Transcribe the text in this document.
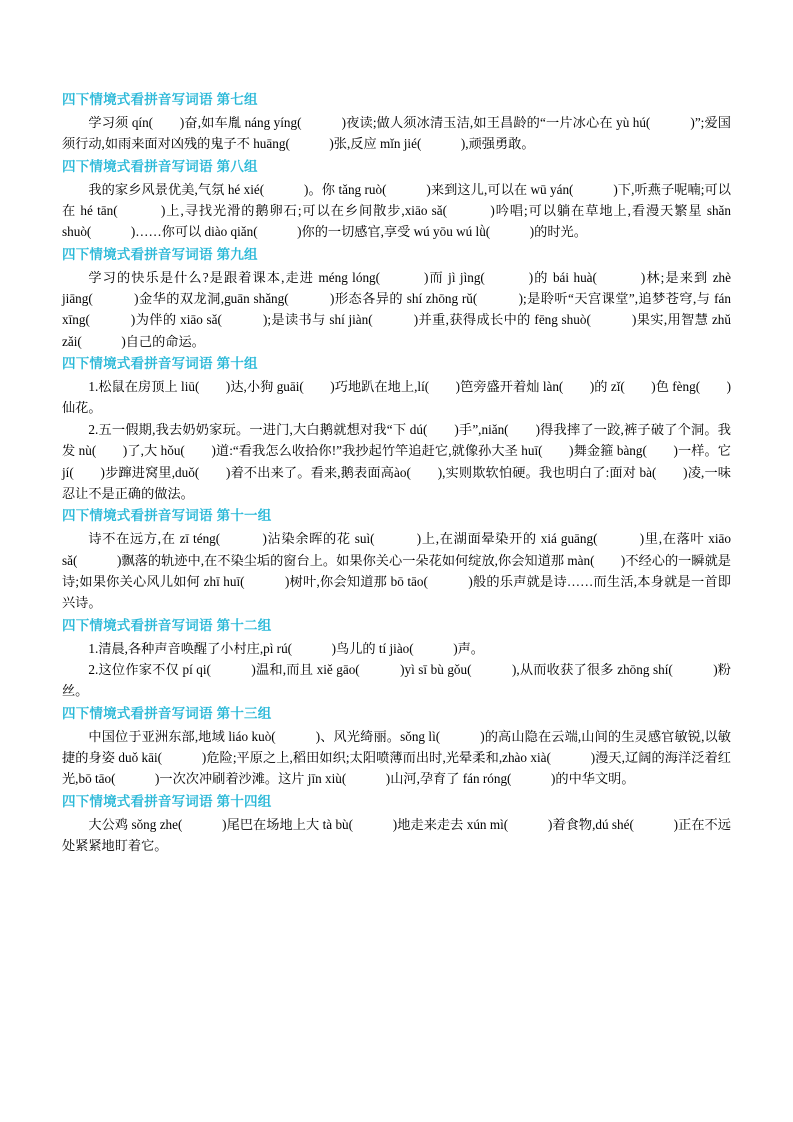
四下情境式看拼音写词语 第七组

学习须 qín(　　)奋,如车胤 náng yíng(　　　)夜读;做人须冰清玉洁,如王昌龄的“一片冰心在 yù hú(　　　)”;爱国须行动,如雨来面对凶残的鬼子不 huāng(　　　)张,反应 mǐn jié(　　　),顽强勇敢。

四下情境式看拼音写词语 第八组

我的家乡风景优美,气氛 hé xié(　　　)。你 tǎng ruò(　　　)来到这儿,可以在 wū yán(　　　)下,听燕子呢喃;可以在 hé tān(　　　)上,寻找光滑的鹅卵石;可以在乡间散步,xiāo sǎ(　　　)吟唱;可以躺在草地上,看漫天繁星 shǎn shuò(　　　)……你可以 diào qiǎn(　　　)你的一切感官,享受 wú yōu wú lǜ(　　　)的时光。

四下情境式看拼音写词语 第九组

学习的快乐是什么?是跟着课本,走进 méng lóng(　　　)而 jì jìng(　　　)的 bái huà(　　　)林;是来到 zhè jiāng(　　　)金华的双龙洞,guān shǎng(　　　)形态各异的 shí zhōng rǔ(　　　);是聆听“天宫课堂”,追梦苍穹,与 fán xīng(　　　)为伴的 xiāo sǎ(　　　);是读书与 shí jiàn(　　　)并重,获得成长中的 fēng shuò(　　　)果实,用智慧 zhǔ zǎi(　　　)自己的命运。

四下情境式看拼音写词语 第十组

1.松鼠在房顶上 liū(　　)达,小狗 guāi(　　)巧地趴在地上,lí(　　)笆旁盛开着灿 làn(　　)的 zǐ(　　)色 fèng(　　)仙花。

2.五一假期,我去奶奶家玩。一进门,大白鹅就想对我“下 dú(　　)手”,niǎn(　　)得我摔了一跤,裤子破了个洞。我发 nù(　　)了,大 hǒu(　　)道:“看我怎么收拾你!”我抄起竹竿追赶它,就像孙大圣 huī(　　)舞金箍 bàng(　　)一样。它 jí(　　)步蹿进窝里,duǒ(　　)着不出来了。看来,鹅表面高ào(　　),实则欺软怕硬。我也明白了:面对 bà(　　)凌,一味忍让不是正确的做法。

四下情境式看拼音写词语 第十一组

诗不在远方,在 zī téng(　　　)沾染余晖的花 suì(　　　)上,在湖面晕染开的 xiá guāng(　　　)里,在落叶 xiāo sǎ(　　　)飘落的轨迹中,在不染尘垢的窗台上。如果你关心一朵花如何绽放,你会知道那 màn(　　)不经心的一瞬就是诗;如果你关心风儿如何 zhī huī(　　　)树叶,你会知道那 bō tāo(　　　)般的乐声就是诗……而生活,本身就是一首即兴诗。

四下情境式看拼音写词语 第十二组

1.清晨,各种声音唤醒了小村庄,pì rú(　　　)鸟儿的 tí jiào(　　　)声。

2.这位作家不仅 pí qi(　　　)温和,而且 xiě gāo(　　　)yì sī bù gǒu(　　　),从而收获了很多 zhōng shí(　　　)粉丝。

四下情境式看拼音写词语 第十三组

中国位于亚洲东部,地域 liáo kuò(　　　)、风光绮丽。sǒng lì(　　　)的高山隐在云端,山间的生灵感官敏锐,以敏捷的身姿 duǒ kāi(　　　)危险;平原之上,稻田如织;太阳喷薄而出时,光晕柔和,zhào xià(　　　)漫天,辽阔的海洋泛着红光,bō tāo(　　　)一次次冲刷着沙滩。这片 jīn xiù(　　　)山河,孕育了 fán róng(　　　)的中华文明。

四下情境式看拼音写词语 第十四组

大公鸡 sǒng zhe(　　　)尾巴在场地上大 tà bù(　　　)地走来走去 xún mì(　　　)着食物,dú shé(　　　)正在不远处紧紧地盯着它。
